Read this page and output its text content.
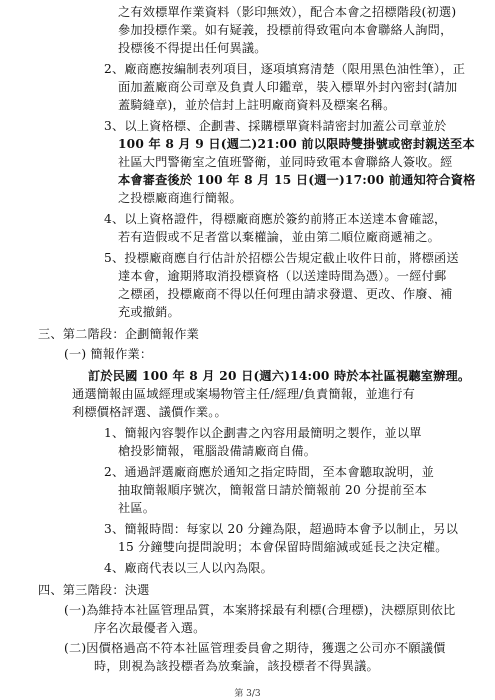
之有效標單作業資料（影印無效），配合本會之招標階段(初選)
參加投標作業。如有疑義，投標前得致電向本會聯絡人詢問，
投標後不得提出任何異議。
2、廠商應按編制表列項目，逐項填寫清楚（限用黑色油性筆），正
面加蓋廠商公司章及負責人印鑑章，裝入標單外封內密封(請加
蓋騎縫章)，並於信封上註明廠商資料及標案名稱。
3、以上資格標、企劃書、採購標單資料請密封加蓋公司章並於
100 年 8 月 9 日(週二)21:00 前以限時雙掛號或密封親送至本
社區大門警衛室之值班警衛，並同時致電本會聯絡人簽收。經
本會審查後於 100 年 8 月 15 日(週一)17:00 前通知符合資格
之投標廠商進行簡報。
4、以上資格證件，得標廠商應於簽約前將正本送達本會確認，
若有造假或不足者當以棄權論，並由第二順位廠商遞補之。
5、投標廠商應自行估計於招標公告規定截止收件日前，將標函送
達本會，逾期將取消投標資格（以送達時間為憑）。一經付郵
之標函，投標廠商不得以任何理由請求發還、更改、作廢、補
充或撤銷。
三、第二階段：企劃簡報作業
(一) 簡報作業：
訂於民國 100 年 8 月 20 日(週六)14:00 時於本社區視聽室辦理。
通選簡報由區域經理或案場物管主任/經理/負責簡報，並進行有
利標價格評選、議價作業。。
1、簡報內容製作以企劃書之內容用最簡明之製作，並以單
槍投影簡報，電腦設備請廠商自備。
2、通過評選廠商應於通知之指定時間，至本會聽取說明，並
抽取簡報順序號次，簡報當日請於簡報前 20 分提前至本
社區。
3、簡報時間：每家以 20 分鐘為限，超過時本會予以制止，另以
15 分鐘雙向提問說明；本會保留時間縮減或延長之決定權。
4、廠商代表以三人以內為限。
四、第三階段：決選
(一)為維持本社區管理品質，本案將採最有利標(合理標)，決標原則依比
序名次最優者入選。
(二)因價格過高不符本社區管理委員會之期待，獲選之公司亦不願議價
時，則視為該投標者為放棄論，該投標者不得異議。
第 3/3
